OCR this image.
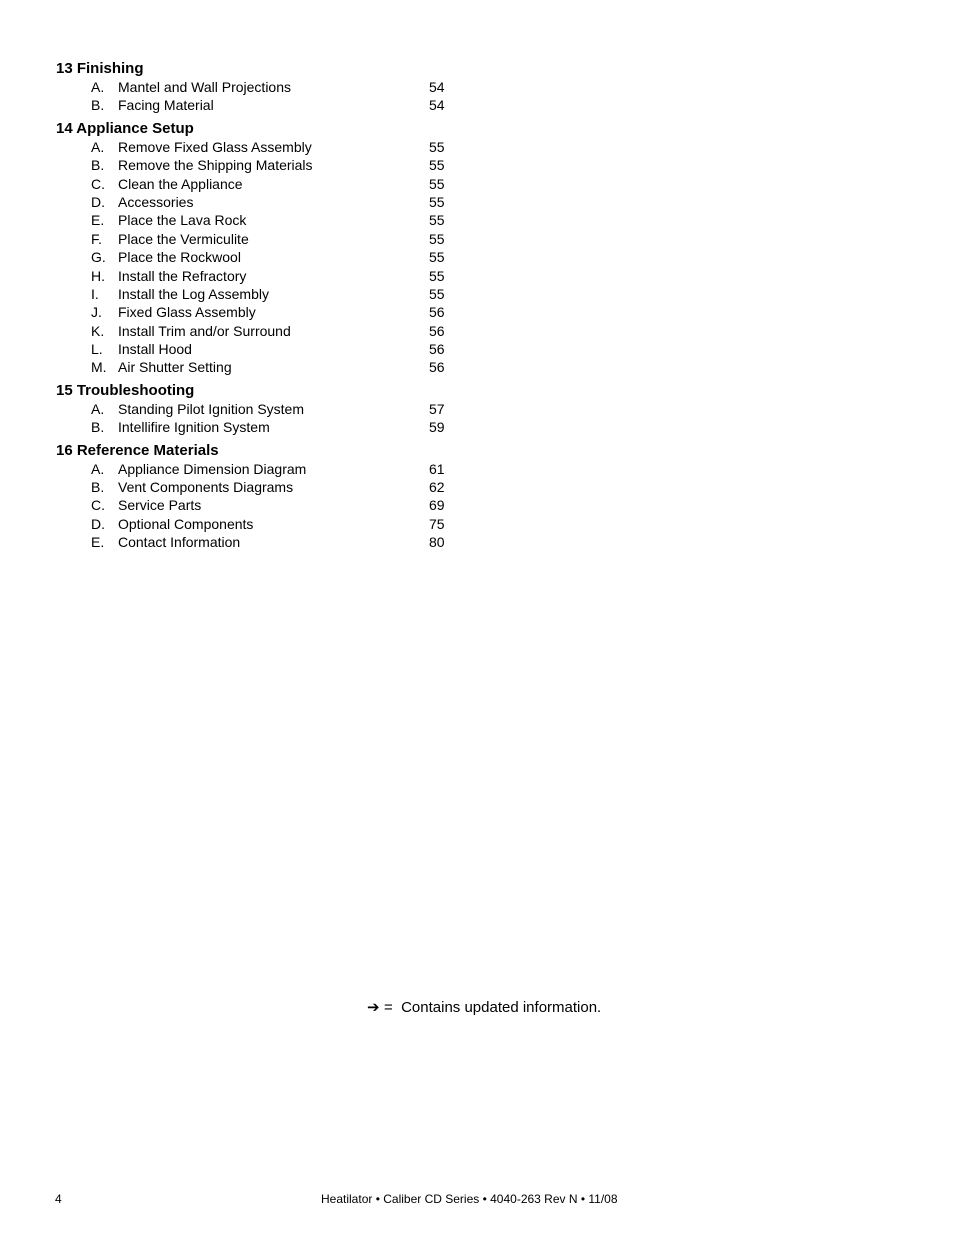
13 Finishing
A. Mantel and Wall Projections	54
B. Facing Material	54
14 Appliance Setup
A. Remove Fixed Glass Assembly	55
B. Remove the Shipping Materials	55
C. Clean the Appliance	55
D. Accessories	55
E. Place the Lava Rock	55
F. Place the Vermiculite	55
G. Place the Rockwool	55
H. Install the Refractory	55
I. Install the Log Assembly	55
J. Fixed Glass Assembly	56
K. Install Trim and/or Surround	56
L. Install Hood	56
M. Air Shutter Setting	56
15 Troubleshooting
A. Standing Pilot Ignition System	57
B. Intellifire Ignition System	59
16 Reference Materials
A. Appliance Dimension Diagram	61
B. Vent Components Diagrams	62
C. Service Parts	69
D. Optional Components	75
E. Contact Information	80
➔ =  Contains updated information.
4	Heatilator • Caliber CD Series • 4040-263 Rev N • 11/08
